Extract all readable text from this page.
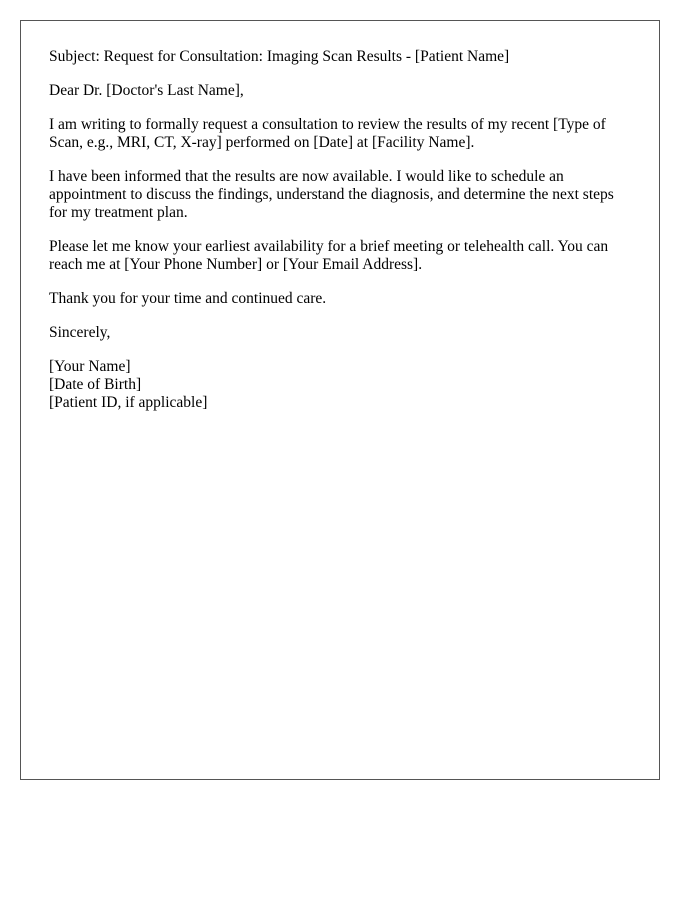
Subject: Request for Consultation: Imaging Scan Results - [Patient Name]

Dear Dr. [Doctor's Last Name],

I am writing to formally request a consultation to review the results of my recent [Type of Scan, e.g., MRI, CT, X-ray] performed on [Date] at [Facility Name].

I have been informed that the results are now available. I would like to schedule an appointment to discuss the findings, understand the diagnosis, and determine the next steps for my treatment plan.

Please let me know your earliest availability for a brief meeting or telehealth call. You can reach me at [Your Phone Number] or [Your Email Address].

Thank you for your time and continued care.

Sincerely,

[Your Name]
[Date of Birth]
[Patient ID, if applicable]
